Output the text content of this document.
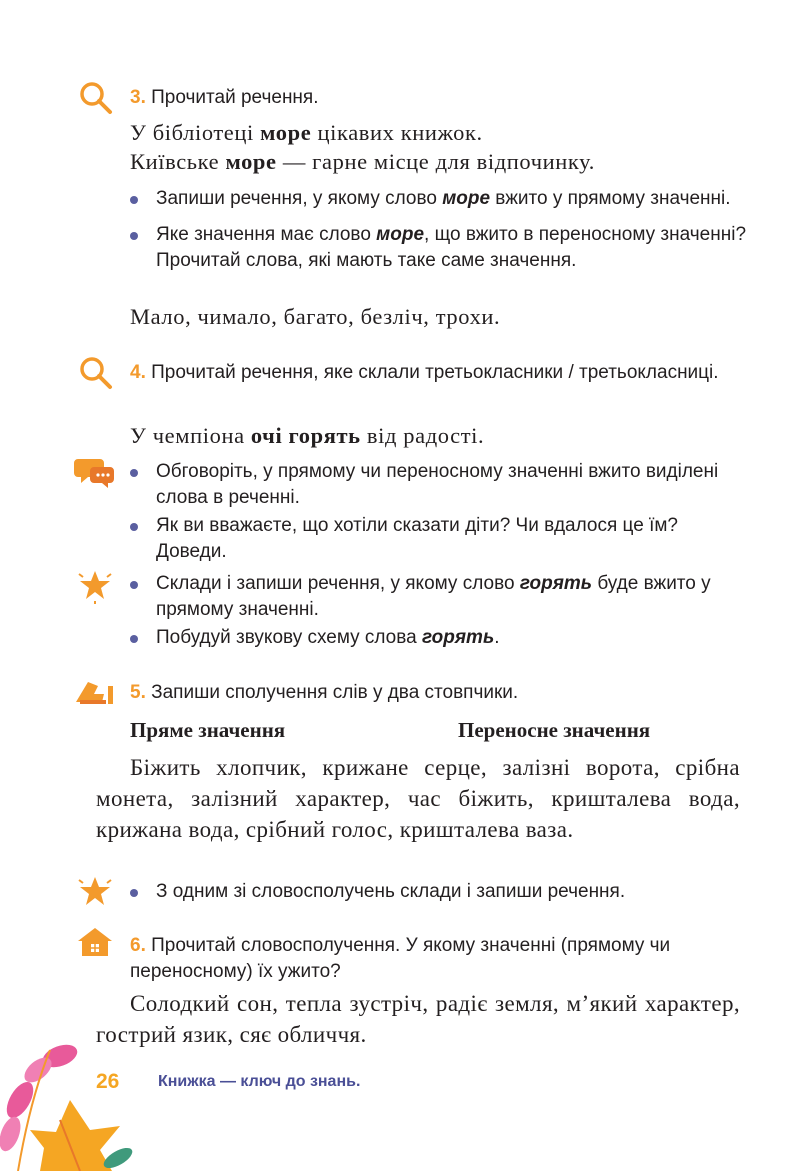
3. Прочитай речення.
У бібліотеці море цікавих книжок.
Київське море — гарне місце для відпочинку.
Запиши речення, у якому слово море вжито у прямому значенні.
Яке значення має слово море, що вжито в переносному значенні? Прочитай слова, які мають таке саме значення.
Мало, чимало, багато, безліч, трохи.
4. Прочитай речення, яке склали третьокласники / третьокласниці.
У чемпіона очі горять від радості.
Обговоріть, у прямому чи переносному значенні вжито виділені слова в реченні.
Як ви вважаєте, що хотіли сказати діти? Чи вдалося це їм? Доведи.
Склади і запиши речення, у якому слово горять буде вжито у прямому значенні.
Побудуй звукову схему слова горять.
5. Запиши сполучення слів у два стовпчики.
Пряме значення	Переносне значення
Біжить хлопчик, крижане серце, залізні ворота, срібна монета, залізний характер, час біжить, кришталева вода, крижана вода, срібний голос, кришталева ваза.
З одним зі словосполучень склади і запиши речення.
6. Прочитай словосполучення. У якому значенні (прямому чи переносному) їх ужито?
Солодкий сон, тепла зустріч, радіє земля, м’який характер, гострий язик, сяє обличчя.
26 Книжка — ключ до знань.
